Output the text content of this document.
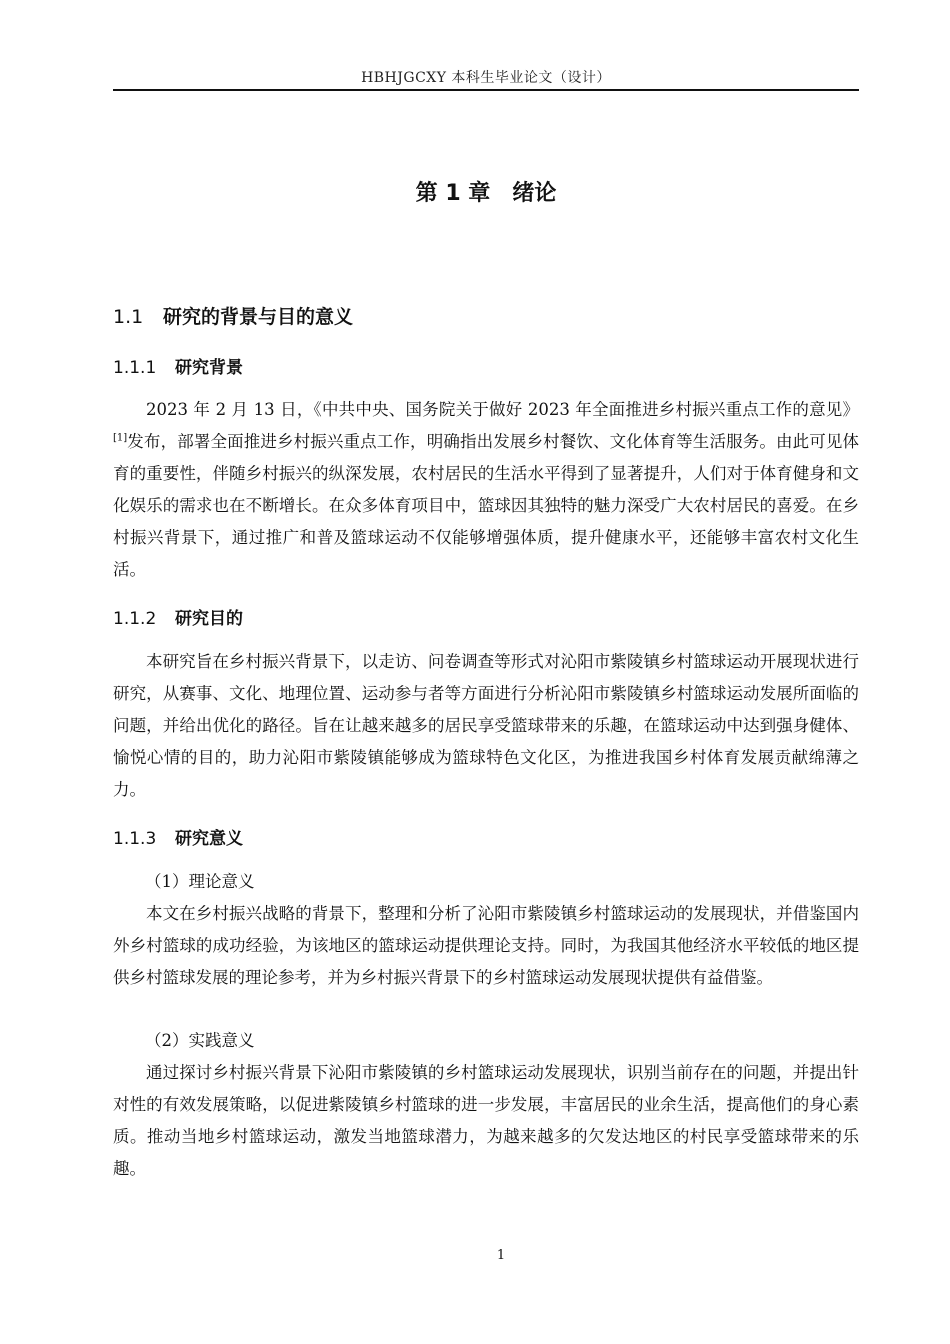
HBHJGCXY 本科生毕业论文（设计）
第 1 章 绪论
1.1 研究的背景与目的意义
1.1.1 研究背景

2023 年 2 月 13 日，《中共中央、国务院关于做好 2023 年全面推进乡村振兴重点工作的意见》[1]发布，部署全面推进乡村振兴重点工作，明确指出发展乡村餐饮、文化体育等生活服务。由此可见体育的重要性，伴随乡村振兴的纵深发展，农村居民的生活水平得到了显著提升，人们对于体育健身和文化娱乐的需求也在不断增长。在众多体育项目中，篮球因其独特的魅力深受广大农村居民的喜爱。在乡村振兴背景下，通过推广和普及篮球运动不仅能够增强体质，提升健康水平，还能够丰富农村文化生活。

1.1.2 研究目的

本研究旨在乡村振兴背景下，以走访、问卷调查等形式对沁阳市紫陵镇乡村篮球运动开展现状进行研究，从赛事、文化、地理位置、运动参与者等方面进行分析沁阳市紫陵镇乡村篮球运动发展所面临的问题，并给出优化的路径。旨在让越来越多的居民享受篮球带来的乐趣，在篮球运动中达到强身健体、愉悦心情的目的，助力沁阳市紫陵镇能够成为篮球特色文化区，为推进我国乡村体育发展贡献绵薄之力。

1.1.3 研究意义
（1）理论意义

本文在乡村振兴战略的背景下，整理和分析了沁阳市紫陵镇乡村篮球运动的发展现状，并借鉴国内外乡村篮球的成功经验，为该地区的篮球运动提供理论支持。同时，为我国其他经济水平较低的地区提供乡村篮球发展的理论参考，并为乡村振兴背景下的乡村篮球运动发展现状提供有益借鉴。

（2）实践意义

通过探讨乡村振兴背景下沁阳市紫陵镇的乡村篮球运动发展现状，识别当前存在的问题，并提出针对性的有效发展策略，以促进紫陵镇乡村篮球的进一步发展，丰富居民的业余生活，提高他们的身心素质。推动当地乡村篮球运动，激发当地篮球潜力，为越来越多的欠发达地区的村民享受篮球带来的乐趣。

1
